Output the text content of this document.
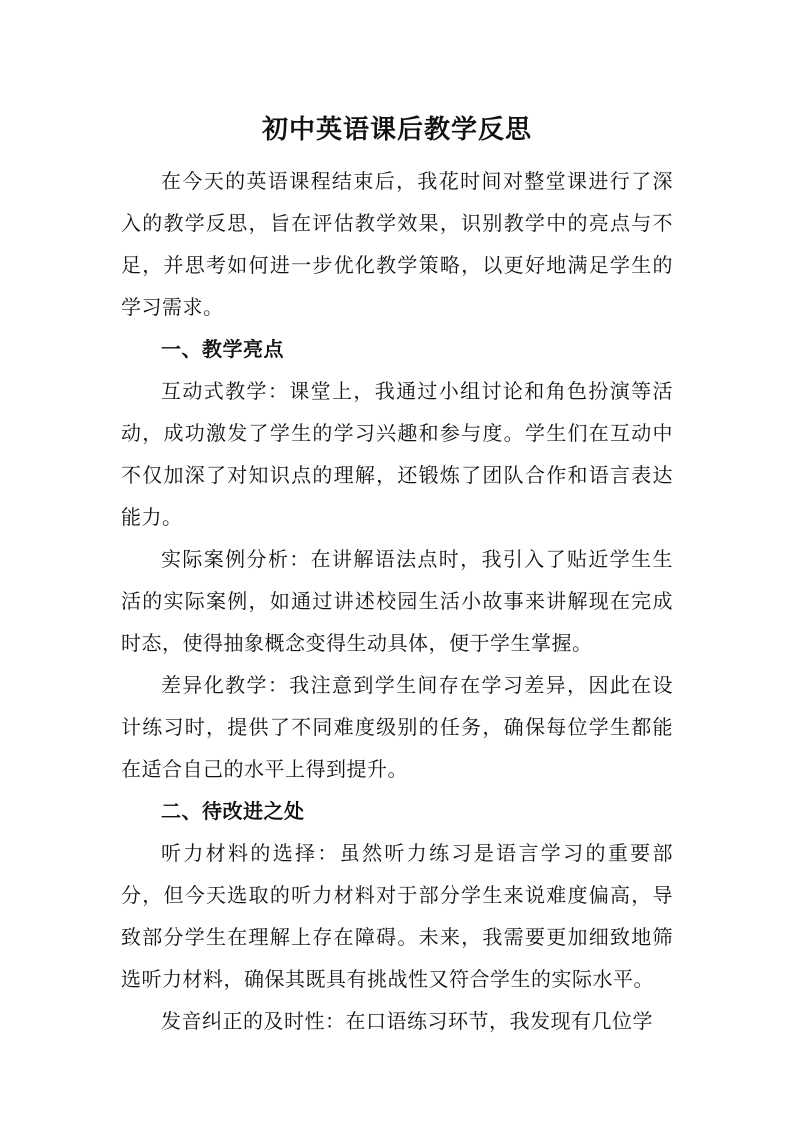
初中英语课后教学反思

在今天的英语课程结束后，我花时间对整堂课进行了深入的教学反思，旨在评估教学效果，识别教学中的亮点与不足，并思考如何进一步优化教学策略，以更好地满足学生的学习需求。

一、教学亮点

互动式教学：课堂上，我通过小组讨论和角色扮演等活动，成功激发了学生的学习兴趣和参与度。学生们在互动中不仅加深了对知识点的理解，还锻炼了团队合作和语言表达能力。

实际案例分析：在讲解语法点时，我引入了贴近学生生活的实际案例，如通过讲述校园生活小故事来讲解现在完成时态，使得抽象概念变得生动具体，便于学生掌握。

差异化教学：我注意到学生间存在学习差异，因此在设计练习时，提供了不同难度级别的任务，确保每位学生都能在适合自己的水平上得到提升。

二、待改进之处

听力材料的选择：虽然听力练习是语言学习的重要部分，但今天选取的听力材料对于部分学生来说难度偏高，导致部分学生在理解上存在障碍。未来，我需要更加细致地筛选听力材料，确保其既具有挑战性又符合学生的实际水平。

发音纠正的及时性：在口语练习环节，我发现有几位学
